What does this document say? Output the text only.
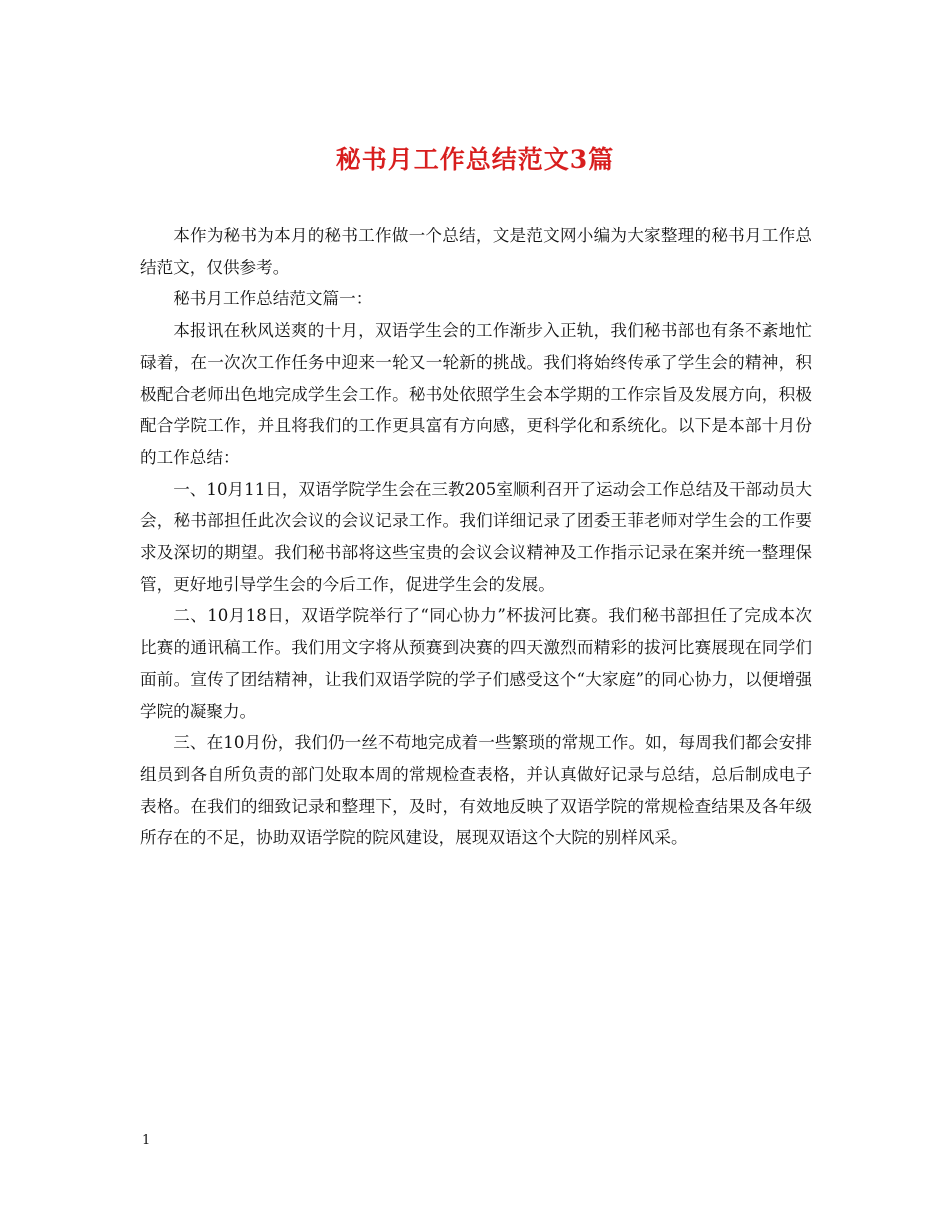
秘书月工作总结范文3篇

本作为秘书为本月的秘书工作做一个总结，文是范文网小编为大家整理的秘书月工作总结范文，仅供参考。

秘书月工作总结范文篇一：

本报讯在秋风送爽的十月，双语学生会的工作渐步入正轨，我们秘书部也有条不紊地忙碌着，在一次次工作任务中迎来一轮又一轮新的挑战。我们将始终传承了学生会的精神，积极配合老师出色地完成学生会工作。秘书处依照学生会本学期的工作宗旨及发展方向，积极配合学院工作，并且将我们的工作更具富有方向感，更科学化和系统化。以下是本部十月份的工作总结：

一、10月11日，双语学院学生会在三教205室顺利召开了运动会工作总结及干部动员大会，秘书部担任此次会议的会议记录工作。我们详细记录了团委王菲老师对学生会的工作要求及深切的期望。我们秘书部将这些宝贵的会议会议精神及工作指示记录在案并统一整理保管，更好地引导学生会的今后工作，促进学生会的发展。

二、10月18日，双语学院举行了“同心协力”杯拔河比赛。我们秘书部担任了完成本次比赛的通讯稿工作。我们用文字将从预赛到决赛的四天激烈而精彩的拔河比赛展现在同学们面前。宣传了团结精神，让我们双语学院的学子们感受这个“大家庭”的同心协力，以便增强学院的凝聚力。

三、在10月份，我们仍一丝不苟地完成着一些繁琐的常规工作。如，每周我们都会安排组员到各自所负责的部门处取本周的常规检查表格，并认真做好记录与总结，总后制成电子表格。在我们的细致记录和整理下，及时，有效地反映了双语学院的常规检查结果及各年级所存在的不足，协助双语学院的院风建设，展现双语这个大院的别样风采。

1
